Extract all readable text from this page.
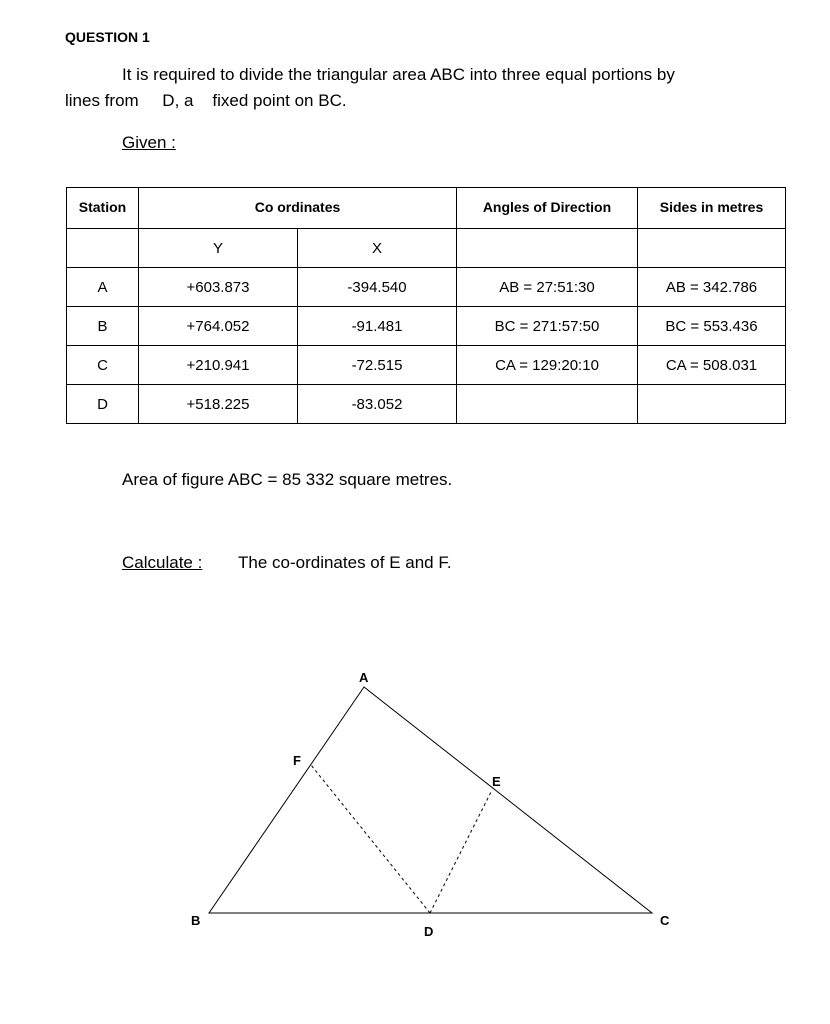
QUESTION 1
It is required to divide the triangular area ABC into three equal portions by
lines from     D, a    fixed point on BC.
Given :
Station	Co ordinates		Angles of Direction	Sides in metres
	Y	X		
A	+603.873	-394.540	AB = 27:51:30	AB = 342.786
B	+764.052	-91.481	BC = 271:57:50	BC = 553.436
C	+210.941	-72.515	CA = 129:20:10	CA = 508.031
D	+518.225	-83.052		
Area of figure ABC = 85 332 square metres.
Calculate : The co-ordinates of E and F.
A
B	C
D
E
F
